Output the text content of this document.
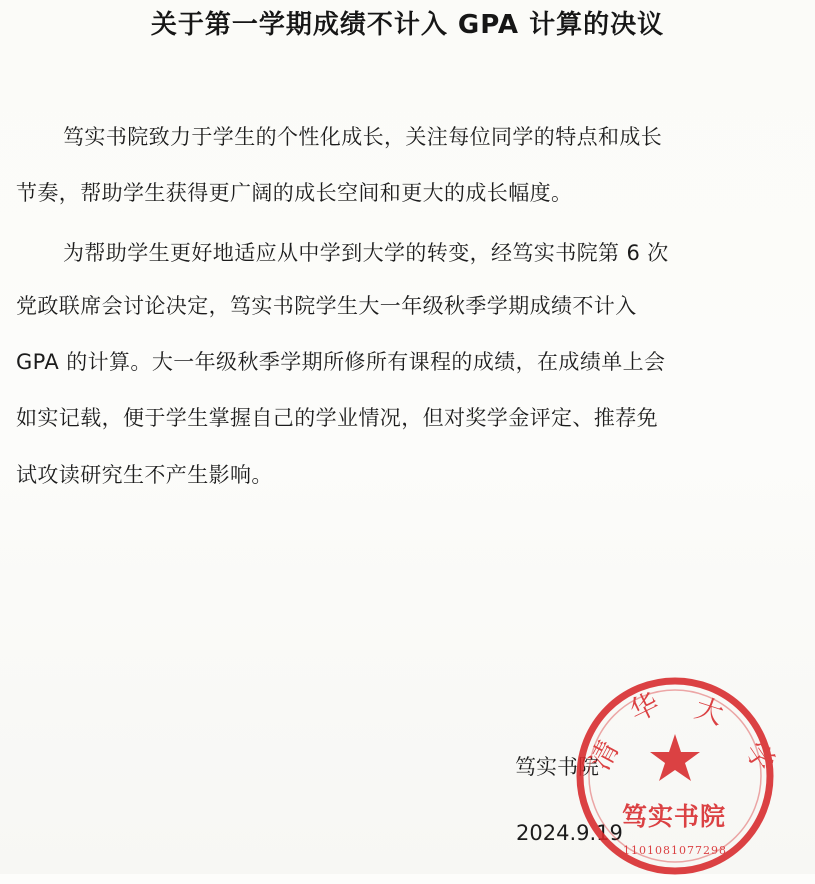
关于第一学期成绩不计入 GPA 计算的决议
笃实书院致力于学生的个性化成长，关注每位同学的特点和成长
节奏，帮助学生获得更广阔的成长空间和更大的成长幅度。
为帮助学生更好地适应从中学到大学的转变，经笃实书院第 6 次
党政联席会讨论决定，笃实书院学生大一年级秋季学期成绩不计入
GPA 的计算。大一年级秋季学期所修所有课程的成绩，在成绩单上会
如实记载，便于学生掌握自己的学业情况，但对奖学金评定、推荐免
试攻读研究生不产生影响。
笃实书院
2024.9.19
清
华 大
学
笃实书院
1101081077298
